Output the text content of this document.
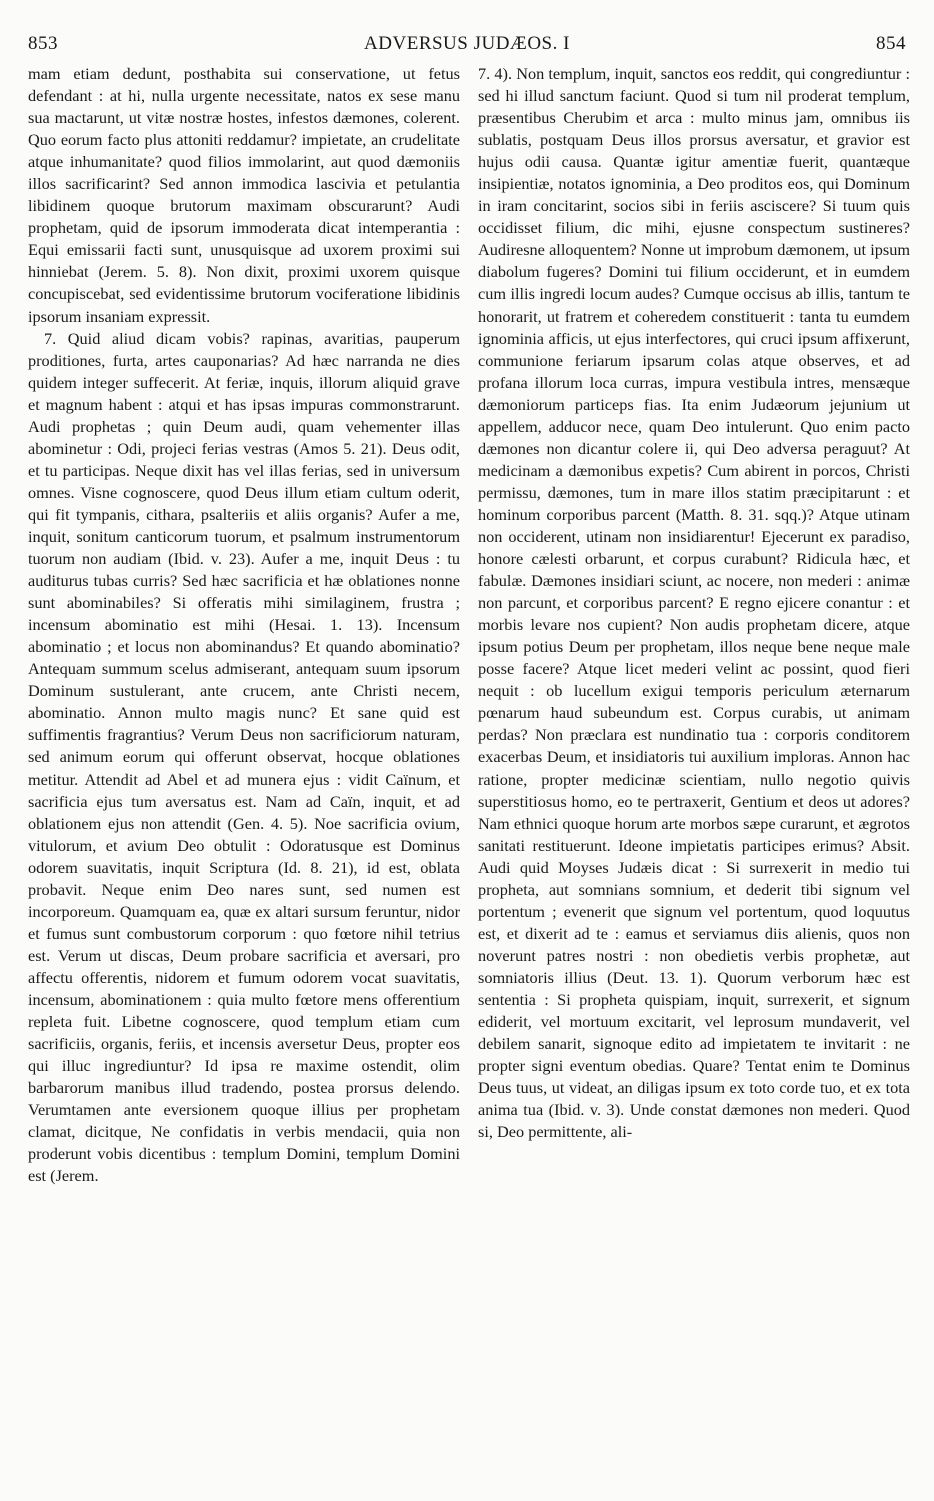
853	ADVERSUS JUDÆOS. I	854

mam etiam dedunt, posthabita sui conservatione, ut fetus defendant : at hi, nulla urgente necessitate, natos ex sese manu sua mactarunt, ut vitæ nostræ hostes, infestos dæmones, colerent. Quo eorum facto plus attoniti reddamur? impietate, an crudelitate atque inhumanitate? quod filios immolarint, aut quod dæmoniis illos sacrificarint? Sed annon immodica lascivia et petulantia libidinem quoque brutorum maximam obscurarunt? Audi prophetam, quid de ipsorum immoderata dicat intemperantia : Equi emissarii facti sunt, unusquisque ad uxorem proximi sui hinniebat (Jerem. 5. 8). Non dixit, proximi uxorem quisque concupiscebat, sed evidentissime brutorum vociferatione libidinis ipsorum insaniam expressit.

7. Quid aliud dicam vobis? rapinas, avaritias, pauperum proditiones, furta, artes cauponarias? Ad hæc narranda ne dies quidem integer suffecerit. At feriæ, inquis, illorum aliquid grave et magnum habent : atqui et has ipsas impuras commonstrarunt. Audi prophetas ; quin Deum audi, quam vehementer illas abominetur : Odi, projeci ferias vestras (Amos 5. 21). Deus odit, et tu participas. Neque dixit has vel illas ferias, sed in universum omnes. Visne cognoscere, quod Deus illum etiam cultum oderit, qui fit tympanis, cithara, psalteriis et aliis organis? Aufer a me, inquit, sonitum canticorum tuorum, et psalmum instrumentorum tuorum non audiam (Ibid. v. 23). Aufer a me, inquit Deus : tu auditurus tubas curris? Sed hæc sacrificia et hæ oblationes nonne sunt abominabiles? Si offeratis mihi similaginem, frustra ; incensum abominatio est mihi (Hesai. 1. 13). Incensum abominatio ; et locus non abominandus? Et quando abominatio? Antequam summum scelus admiserant, antequam suum ipsorum Dominum sustulerant, ante crucem, ante Christi necem, abominatio. Annon multo magis nunc? Et sane quid est suffimentis fragrantius? Verum Deus non sacrificiorum naturam, sed animum eorum qui offerunt observat, hocque oblationes metitur. Attendit ad Abel et ad munera ejus : vidit Caïnum, et sacrificia ejus tum aversatus est. Nam ad Caïn, inquit, et ad oblationem ejus non attendit (Gen. 4. 5). Noe sacrificia ovium, vitulorum, et avium Deo obtulit : Odoratusque est Dominus odorem suavitatis, inquit Scriptura (Id. 8. 21), id est, oblata probavit. Neque enim Deo nares sunt, sed numen est incorporeum. Quamquam ea, quæ ex altari sursum feruntur, nidor et fumus sunt combustorum corporum : quo fœtore nihil tetrius est. Verum ut discas, Deum probare sacrificia et aversari, pro affectu offerentis, nidorem et fumum odorem vocat suavitatis, incensum, abominationem : quia multo fœtore mens offerentium repleta fuit. Libetne cognoscere, quod templum etiam cum sacrificiis, organis, feriis, et incensis aversetur Deus, propter eos qui illuc ingrediuntur? Id ipsa re maxime ostendit, olim barbarorum manibus illud tradendo, postea prorsus delendo. Verumtamen ante eversionem quoque illius per prophetam clamat, dicitque, Ne confidatis in verbis mendacii, quia non proderunt vobis dicentibus : templum Domini, templum Domini est (Jerem.

7. 4). Non templum, inquit, sanctos eos reddit, qui congrediuntur : sed hi illud sanctum faciunt. Quod si tum nil proderat templum, præsentibus Cherubim et arca : multo minus jam, omnibus iis sublatis, postquam Deus illos prorsus aversatur, et gravior est hujus odii causa. Quantæ igitur amentiæ fuerit, quantæque insipientiæ, notatos ignominia, a Deo proditos eos, qui Dominum in iram concitarint, socios sibi in feriis asciscere? Si tuum quis occidisset filium, dic mihi, ejusne conspectum sustineres? Audiresne alloquentem? Nonne ut improbum dæmonem, ut ipsum diabolum fugeres? Domini tui filium occiderunt, et in eumdem cum illis ingredi locum audes? Cumque occisus ab illis, tantum te honorarit, ut fratrem et coheredem constituerit : tanta tu eumdem ignominia afficis, ut ejus interfectores, qui cruci ipsum affixerunt, communione feriarum ipsarum colas atque observes, et ad profana illorum loca curras, impura vestibula intres, mensæque dæmoniorum particeps fias. Ita enim Judæorum jejunium ut appellem, adducor nece, quam Deo intulerunt. Quo enim pacto dæmones non dicantur colere ii, qui Deo adversa peraguut? At medicinam a dæmonibus expetis? Cum abirent in porcos, Christi permissu, dæmones, tum in mare illos statim præcipitarunt : et hominum corporibus parcent (Matth. 8. 31. sqq.)? Atque utinam non occiderent, utinam non insidiarentur! Ejecerunt ex paradiso, honore cælesti orbarunt, et corpus curabunt? Ridicula hæc, et fabulæ. Dæmones insidiari sciunt, ac nocere, non mederi : animæ non parcunt, et corporibus parcent? E regno ejicere conantur : et morbis levare nos cupient? Non audis prophetam dicere, atque ipsum potius Deum per prophetam, illos neque bene neque male posse facere? Atque licet mederi velint ac possint, quod fieri nequit : ob lucellum exigui temporis periculum æternarum pœnarum haud subeundum est. Corpus curabis, ut animam perdas? Non præclara est nundinatio tua : corporis conditorem exacerbas Deum, et insidiatoris tui auxilium imploras. Annon hac ratione, propter medicinæ scientiam, nullo negotio quivis superstitiosus homo, eo te pertraxerit, Gentium et deos ut adores? Nam ethnici quoque horum arte morbos sæpe curarunt, et ægrotos sanitati restituerunt. Ideone impietatis participes erimus? Absit. Audi quid Moyses Judæis dicat : Si surrexerit in medio tui propheta, aut somnians somnium, et dederit tibi signum vel portentum ; evenerit que signum vel portentum, quod loquutus est, et dixerit ad te : eamus et serviamus diis alienis, quos non noverunt patres nostri : non obedietis verbis prophetæ, aut somniatoris illius (Deut. 13. 1). Quorum verborum hæc est sententia : Si propheta quispiam, inquit, surrexerit, et signum ediderit, vel mortuum excitarit, vel leprosum mundaverit, vel debilem sanarit, signoque edito ad impietatem te invitarit : ne propter signi eventum obedias. Quare? Tentat enim te Dominus Deus tuus, ut videat, an diligas ipsum ex toto corde tuo, et ex tota anima tua (Ibid. v. 3). Unde constat dæmones non mederi. Quod si, Deo permittente, ali-
